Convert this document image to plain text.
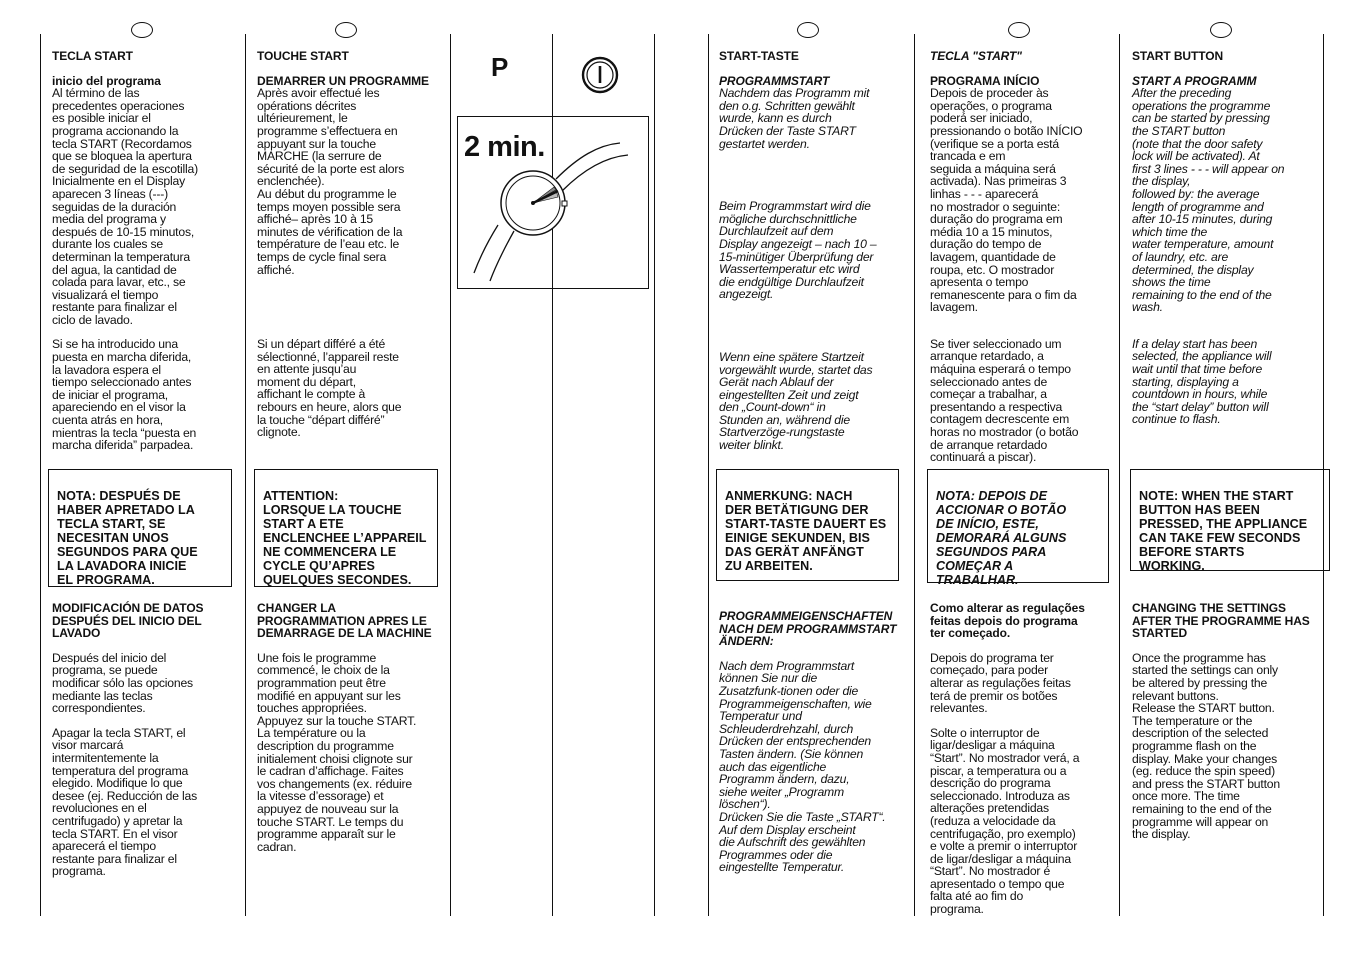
TECLA START

inicio del programa

Al término de las
precedentes operaciones
es posible iniciar el
programa accionando la
tecla START (Recordamos
que se bloquea la apertura
de seguridad de la escotilla)
Inicialmente en el Display
aparecen 3 líneas (---)
seguidas de la duración
media del programa y
después de 10-15 minutos,
durante los cuales se
determinan la temperatura
del agua, la cantidad de
colada para lavar, etc., se
visualizará el tiempo
restante para finalizar el
ciclo de lavado.

Si se ha introducido una
puesta en marcha diferida,
la lavadora espera el
tiempo seleccionado antes
de iniciar el programa,
apareciendo en el visor la
cuenta atrás en hora,
mientras la tecla “puesta en
marcha diferida” parpadea.

NOTA: DESPUÉS DE
HABER APRETADO LA
TECLA START, SE
NECESITAN UNOS
SEGUNDOS PARA QUE
LA LAVADORA INICIE
EL PROGRAMA.

MODIFICACIÓN DE DATOS
DESPUÉS DEL INICIO DEL
LAVADO

Después del inicio del
programa, se puede
modificar sólo las opciones
mediante las teclas
correspondientes.

Apagar la tecla START, el
visor marcará
intermitentemente la
temperatura del programa
elegido. Modifique lo que
desee (ej. Reducción de las
revoluciones en el
centrifugado) y apretar la
tecla START. En el visor
aparecerá el tiempo
restante para finalizar el
programa.

TOUCHE START

DEMARRER UN PROGRAMME

Après avoir effectué les
opérations décrites
ultérieurement, le
programme s’effectuera en
appuyant sur la touche
MARCHE (la serrure de
sécurité de la porte est alors
enclenchée).
Au début du programme le
temps moyen possible sera
affiché– après 10 à 15
minutes de vérification de la
température de l’eau etc. le
temps de cycle final sera
affiché.

Si un départ différé a été
sélectionné, l’appareil reste
en attente jusqu’au
moment du départ,
affichant le compte à
rebours en heure, alors que
la touche “départ différé”
clignote.

ATTENTION:
LORSQUE LA TOUCHE
START A ETE
ENCLENCHEE L’APPAREIL
NE COMMENCERA LE
CYCLE QU’APRES
QUELQUES SECONDES.

CHANGER LA
PROGRAMMATION APRES LE
DEMARRAGE DE LA MACHINE

Une fois le programme
commencé, le choix de la
programmation peut être
modifié en appuyant sur les
touches appropriées.
Appuyez sur la touche START.
La température ou la
description du programme
initialement choisi clignote sur
le cadran d’affichage. Faites
vos changements (ex. réduire
la vitesse d’essorage) et
appuyez de nouveau sur la
touche START. Le temps du
programme apparaît sur le
cadran.

P
2 min.

START-TASTE

PROGRAMMSTART

Nachdem das Programm mit
den o.g. Schritten gewählt
wurde, kann es durch
Drücken der Taste START
gestartet werden.

Beim Programmstart wird die
mögliche durchschnittliche
Durchlaufzeit auf dem
Display angezeigt – nach 10 –
15-minütiger Überprüfung der
Wassertemperatur etc wird
die endgültige Durchlaufzeit
angezeigt.

Wenn eine spätere Startzeit
vorgewählt wurde, startet das
Gerät nach Ablauf der
eingestellten Zeit und zeigt
den „Count-down“ in
Stunden an, während die
Startverzöge-rungstaste
weiter blinkt.

ANMERKUNG: NACH
DER BETÄTIGUNG DER
START-TASTE DAUERT ES
EINIGE SEKUNDEN, BIS
DAS GERÄT ANFÄNGT
ZU ARBEITEN.

PROGRAMMEIGENSCHAFTEN
NACH DEM PROGRAMMSTART
ÄNDERN:

Nach dem Programmstart
können Sie nur die
Zusatzfunk-tionen oder die
Programmeigenschaften, wie
Temperatur und
Schleuderdrehzahl, durch
Drücken der entsprechenden
Tasten ändern. (Sie können
auch das eigentliche
Programm ändern, dazu,
siehe weiter „Programm
löschen“).
Drücken Sie die Taste „START“.
Auf dem Display erscheint
die Aufschrift des gewählten
Programmes oder die
eingestellte Temperatur.

TECLA "START"

PROGRAMA INÍCIO

Depois de proceder às
operações, o programa
poderá ser iniciado,
pressionando o botão INÍCIO
(verifique se a porta está
trancada e em
seguida a máquina será
activada). Nas primeiras 3
linhas - - - aparecerá
no mostrador o seguinte:
duração do programa em
média 10 a 15 minutos,
duração do tempo de
lavagem, quantidade de
roupa, etc. O mostrador
apresenta o tempo
remanescente para o fim da
lavagem.

Se tiver seleccionado um
arranque retardado, a
máquina esperará o tempo
seleccionado antes de
começar a trabalhar, a
presentando a respectiva
contagem decrescente em
horas no mostrador (o botão
de arranque retardado
continuará a piscar).

NOTA: DEPOIS DE
ACCIONAR O BOTÃO
DE INÍCIO, ESTE,
DEMORARÁ ALGUNS
SEGUNDOS PARA
COMEÇAR A
TRABALHAR.

Como alterar as regulações
feitas depois do programa
ter começado.

Depois do programa ter
começado, para poder
alterar as regulações feitas
terá de premir os botões
relevantes.

Solte o interruptor de
ligar/desligar a máquina
“Start”. No mostrador verá, a
piscar, a temperatura ou a
descrição do programa
seleccionado. Introduza as
alterações pretendidas
(reduza a velocidade da
centrifugação, pro exemplo)
e volte a premir o interruptor
de ligar/desligar a máquina
“Start”. No mostrador é
apresentado o tempo que
falta até ao fim do
programa.

START BUTTON

START A PROGRAMM

After the preceding
operations the programme
can be started by pressing
the START button
(note that the door safety
lock will be activated). At
first 3 lines - - - will appear on
the display,
followed by: the average
length of programme and
after 10-15 minutes, during
which time the
water temperature, amount
of laundry, etc. are
determined, the display
shows the time
remaining to the end of the
wash.

If a delay start has been
selected, the appliance will
wait until that time before
starting, displaying a
countdown in hours, while
the “start delay” button will
continue to flash.

NOTE: WHEN THE START
BUTTON HAS BEEN
PRESSED, THE APPLIANCE
CAN TAKE FEW SECONDS
BEFORE STARTS
WORKING.

CHANGING THE SETTINGS
AFTER THE PROGRAMME HAS
STARTED

Once the programme has
started the settings can only
be altered by pressing the
relevant buttons.
Release the START button.
The temperature or the
description of the selected
programme flash on the
display. Make your changes
(eg. reduce the spin speed)
and press the START button
once more. The time
remaining to the end of the
programme will appear on
the display.
